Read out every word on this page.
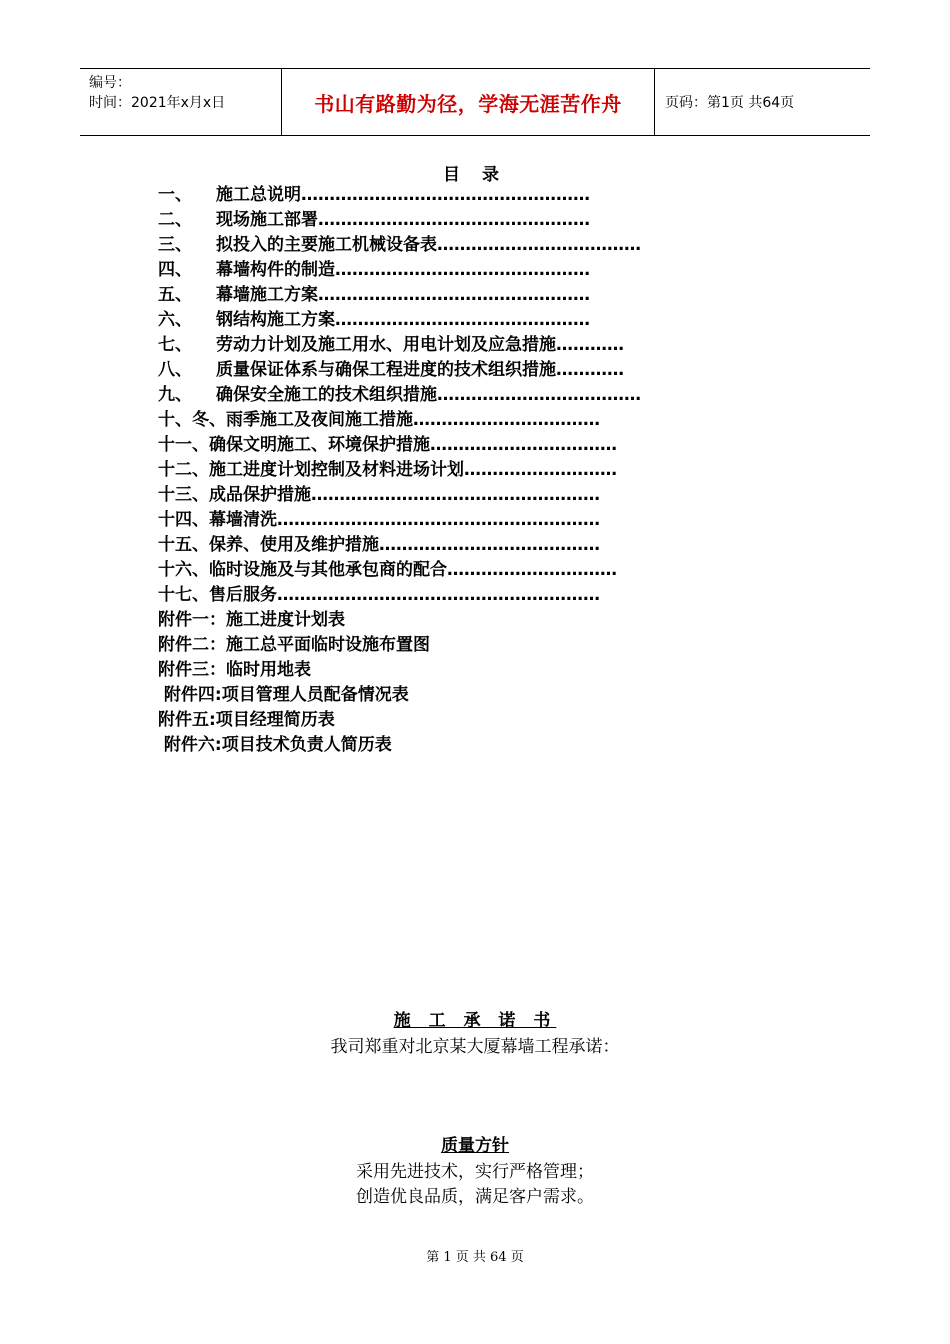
编号：
时间：2021年x月x日	书山有路勤为径，学海无涯苦作舟	页码：第1页 共64页
目 录
一、 施工总说明……………………………………………
二、 现场施工部署…………………………………………
三、 拟投入的主要施工机械设备表………………………………
四、 幕墙构件的制造………………………………………
五、 幕墙施工方案…………………………………………
六、 钢结构施工方案………………………………………
七、 劳动力计划及施工用水、用电计划及应急措施…………
八、 质量保证体系与确保工程进度的技术组织措施…………
九、 确保安全施工的技术组织措施………………………………
十、冬、雨季施工及夜间施工措施……………………………
十一、确保文明施工、环境保护措施……………………………
十二、施工进度计划控制及材料进场计划………………………
十三、成品保护措施……………………………………………
十四、幕墙清洗…………………………………………………
十五、保养、使用及维护措施…………………………………
十六、临时设施及与其他承包商的配合…………………………
十七、售后服务…………………………………………………
附件一：施工进度计划表
附件二：施工总平面临时设施布置图
附件三：临时用地表
附件四:项目管理人员配备情况表
附件五:项目经理简历表
附件六:项目技术负责人简历表
施 工 承 诺 书
我司郑重对北京某大厦幕墙工程承诺：
质量方针
采用先进技术，实行严格管理；
创造优良品质，满足客户需求。
第 1 页 共 64 页
